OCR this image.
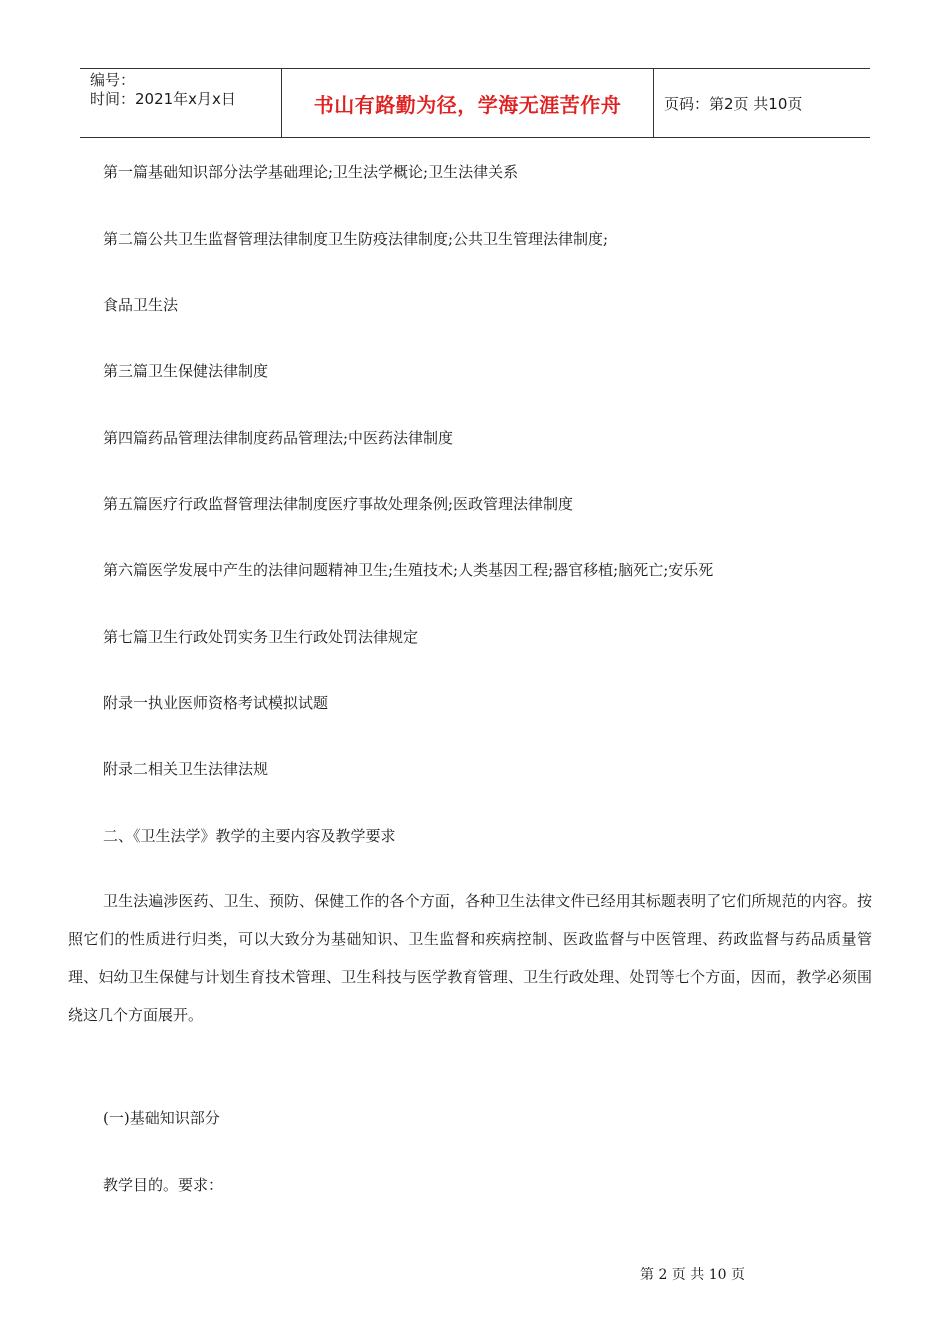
编号：
时间：2021年x月x日	书山有路勤为径，学海无涯苦作舟	页码：第2页 共10页
第一篇基础知识部分法学基础理论;卫生法学概论;卫生法律关系
第二篇公共卫生监督管理法律制度卫生防疫法律制度;公共卫生管理法律制度;
食品卫生法
第三篇卫生保健法律制度
第四篇药品管理法律制度药品管理法;中医药法律制度
第五篇医疗行政监督管理法律制度医疗事故处理条例;医政管理法律制度
第六篇医学发展中产生的法律问题精神卫生;生殖技术;人类基因工程;器官移植;脑死亡;安乐死
第七篇卫生行政处罚实务卫生行政处罚法律规定
附录一执业医师资格考试模拟试题
附录二相关卫生法律法规
二、《卫生法学》教学的主要内容及教学要求
卫生法遍涉医药、卫生、预防、保健工作的各个方面，各种卫生法律文件已经用其标题表明了它们所规范的内容。按照它们的性质进行归类，可以大致分为基础知识、卫生监督和疾病控制、医政监督与中医管理、药政监督与药品质量管理、妇幼卫生保健与计划生育技术管理、卫生科技与医学教育管理、卫生行政处理、处罚等七个方面，因而，教学必须围绕这几个方面展开。
(一)基础知识部分
教学目的。要求：
第 2 页 共 10 页
